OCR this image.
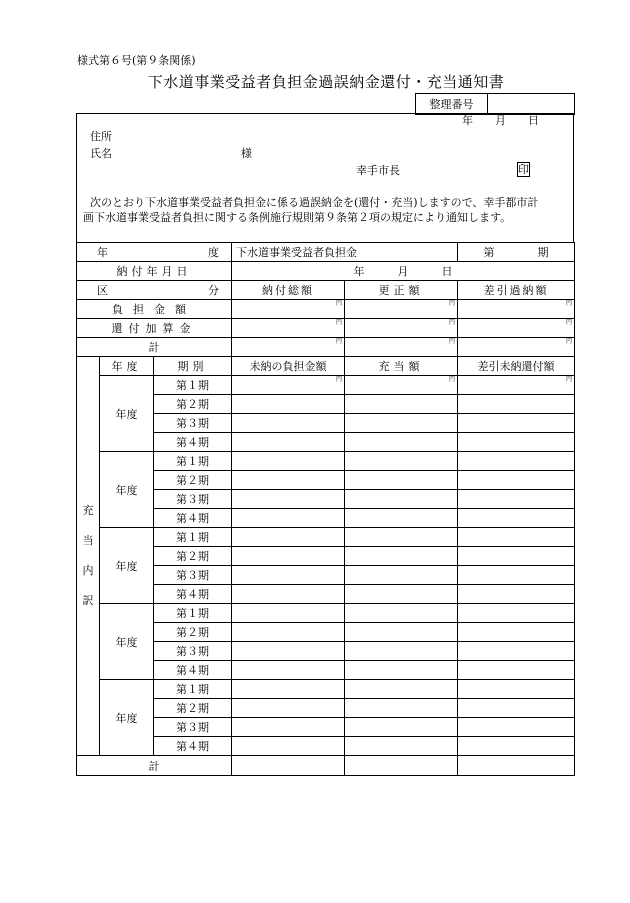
様式第６号(第９条関係)
下水道事業受益者負担金過誤納金還付・充当通知書
整理番号	
年　　月　　日
住所
氏名	様
幸手市長	印
次のとおり下水道事業受益者負担金に係る過誤納金を(還付・充当)しますので、幸手都市計
画下水道事業受益者負担に関する条例施行規則第９条第２項の規定により通知します。
年 度			下水道事業受益者負担金		第 期
納付年月日			年　　　月　　　日		

区 分			納付総額	更正額	差引過納額
負担金額			円	円	円
還付加算金			円	円	円
計			円	円	円

充
当
内
訳	年度	期別	未納の負担金額	充当額	差引未納還付額
	年度	第１期	円	円	円
		第２期			
		第３期			
		第４期			
	年度	第１期			
		第２期			
		第３期			
		第４期			
	年度	第１期			
		第２期			
		第３期			
		第４期			
	年度	第１期			
		第２期			
		第３期			
		第４期			
	年度	第１期			
		第２期			
		第３期			
		第４期			
計					
